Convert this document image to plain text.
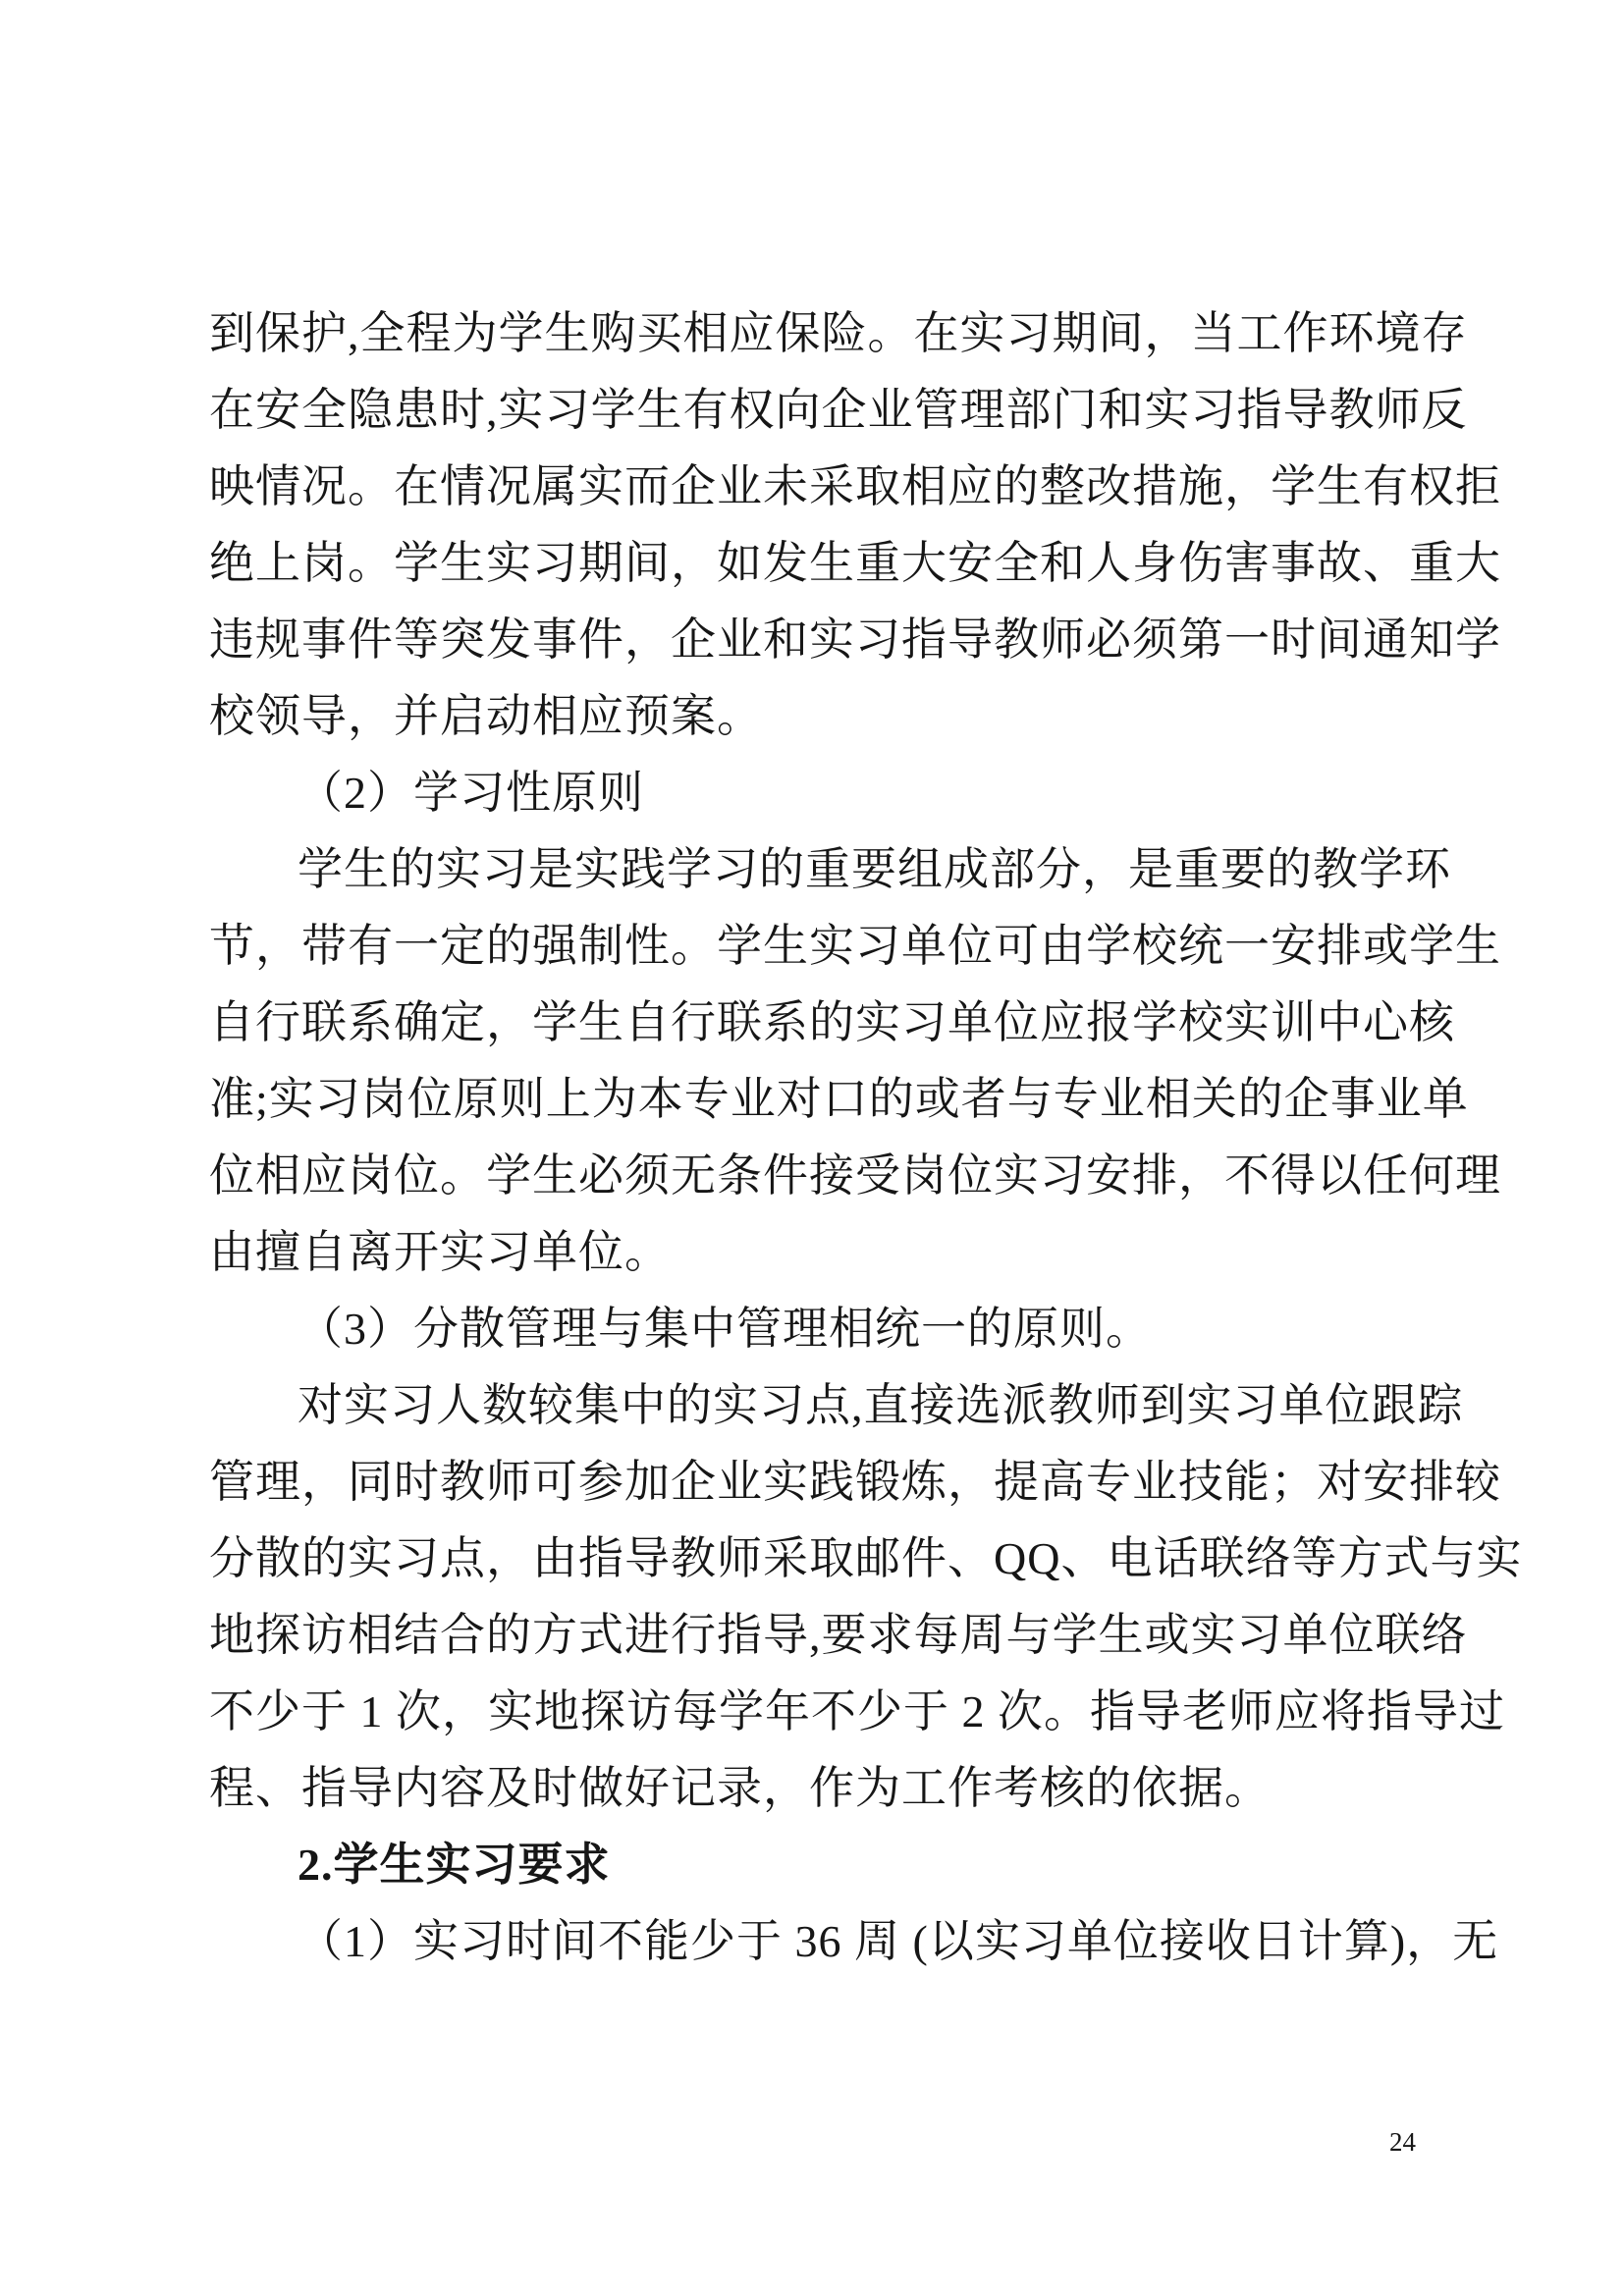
到保护,全程为学生购买相应保险。在实习期间，当工作环境存
在安全隐患时,实习学生有权向企业管理部门和实习指导教师反
映情况。在情况属实而企业未采取相应的整改措施，学生有权拒
绝上岗。学生实习期间，如发生重大安全和人身伤害事故、重大
违规事件等突发事件，企业和实习指导教师必须第一时间通知学
校领导，并启动相应预案。
（2）学习性原则
学生的实习是实践学习的重要组成部分，是重要的教学环
节，带有一定的强制性。学生实习单位可由学校统一安排或学生
自行联系确定，学生自行联系的实习单位应报学校实训中心核
准;实习岗位原则上为本专业对口的或者与专业相关的企事业单
位相应岗位。学生必须无条件接受岗位实习安排，不得以任何理
由擅自离开实习单位。
（3）分散管理与集中管理相统一的原则。
对实习人数较集中的实习点,直接选派教师到实习单位跟踪
管理，同时教师可参加企业实践锻炼，提高专业技能；对安排较
分散的实习点，由指导教师采取邮件、QQ、电话联络等方式与实
地探访相结合的方式进行指导,要求每周与学生或实习单位联络
不少于 1 次，实地探访每学年不少于 2 次。指导老师应将指导过
程、指导内容及时做好记录，作为工作考核的依据。
2.学生实习要求
（1）实习时间不能少于 36 周 (以实习单位接收日计算)，无
24
